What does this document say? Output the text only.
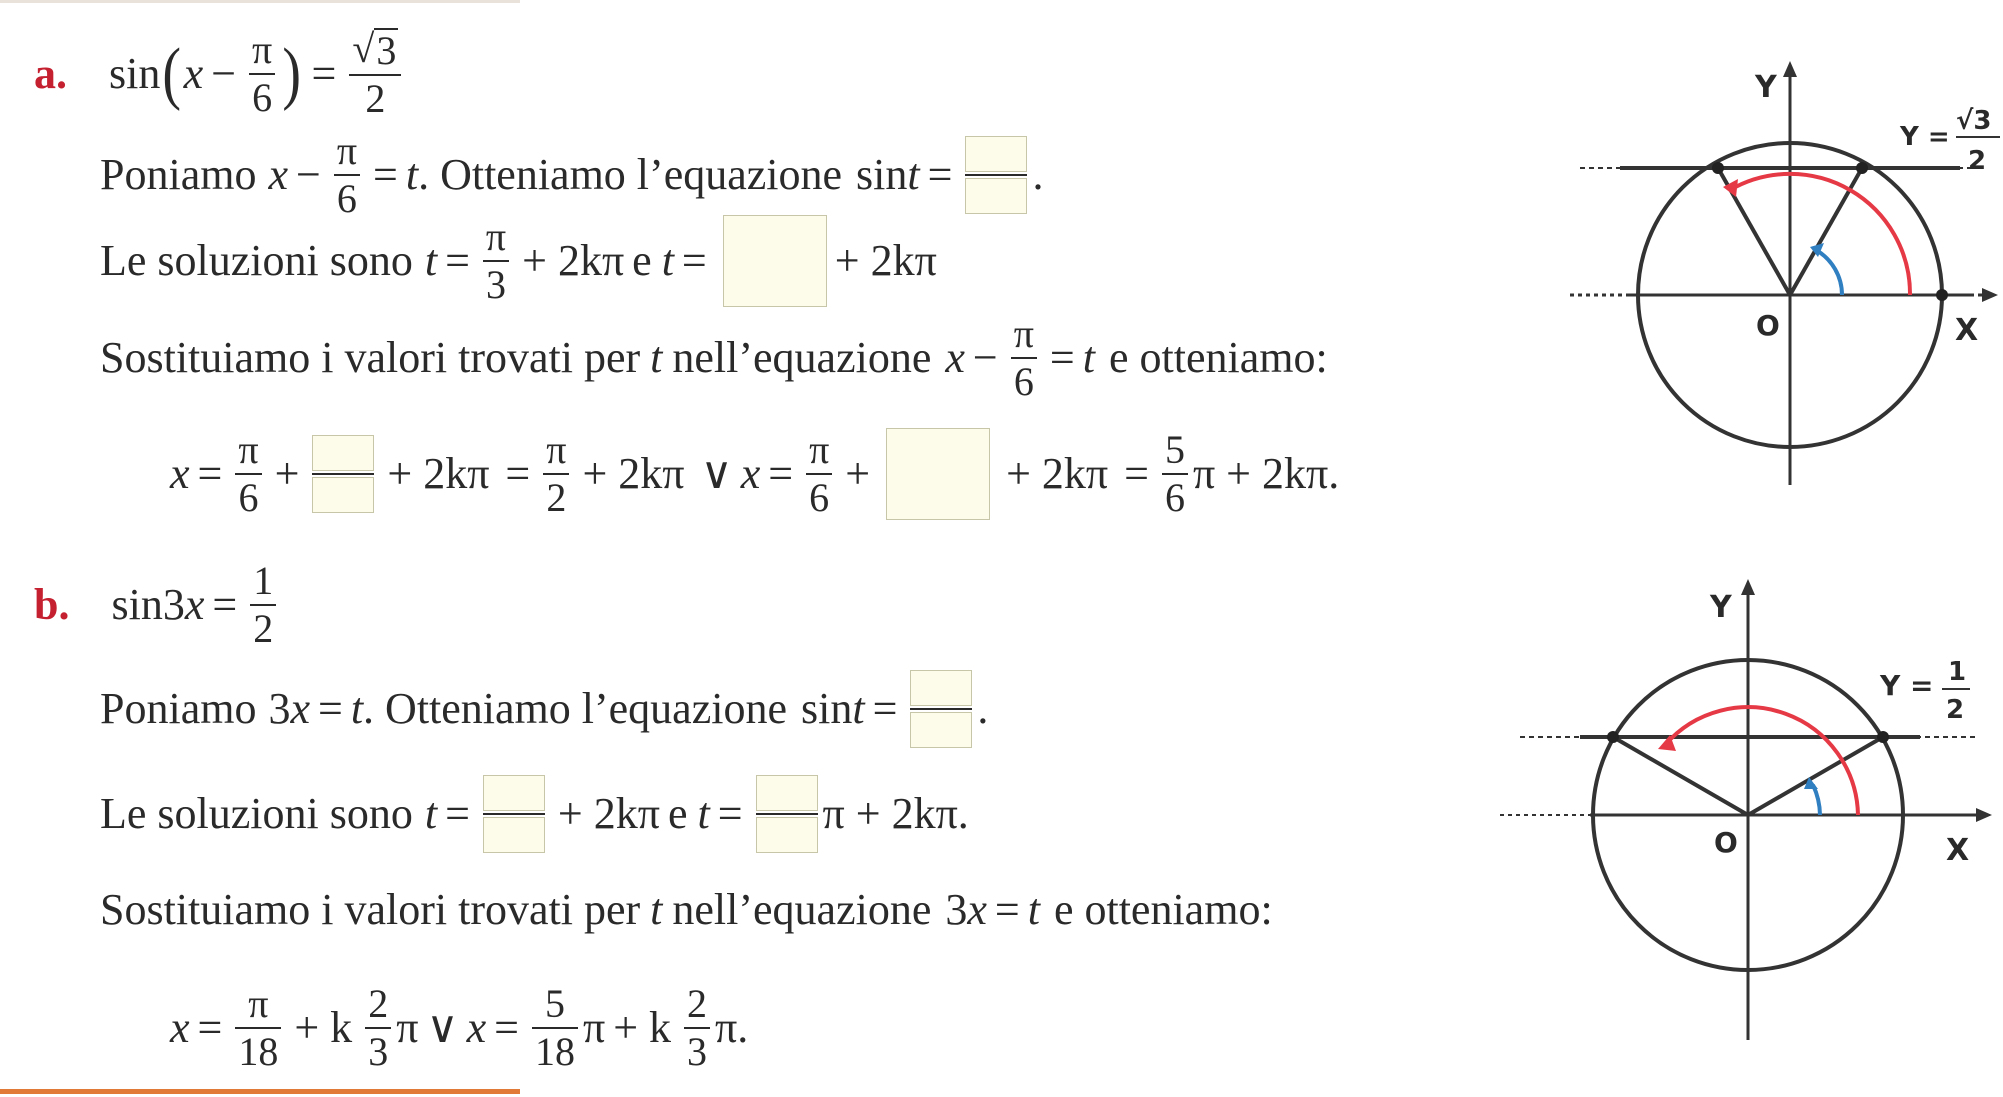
a. sin ( $x - \frac{\pi}{6}$ ) = $\frac{√ 3}{2}$
Poniamo $x - \frac{\pi}{6} = t$ . Otteniamo l’equazione sin t = .
Le soluzioni sono $t = \frac{\pi}{3} + 2k\pi$ e t =	+ 2kπ
Sostituiamo i valori trovati per t nell’equazione $x - \frac{\pi}{6} = t$ e otteniamo:
$x = \frac{\pi}{6}$ + + $2k\pi = \frac{\pi}{2} + 2k\pi$ ∨ $x = \frac{\pi}{6}$ +	+ $2k\pi = \frac{5}{6}$ π + 2kπ.
Y
X
O
Y =
√3
2
b. sin3 $x = \frac{1}{2}$
Poniamo 3 x = t . Otteniamo l’equazione sin t = .
Le soluzioni sono t = + 2kπ e t = π + 2kπ.
Sostituiamo i valori trovati per t nell’equazione 3 x = t e otteniamo:
$x = \frac{\pi}{18} + k \frac{2}{3}$ π ∨ $x = \frac{5}{18}$ π + k $\frac{2}{3} \pi$.
Y
X
O
Y = 1
2
